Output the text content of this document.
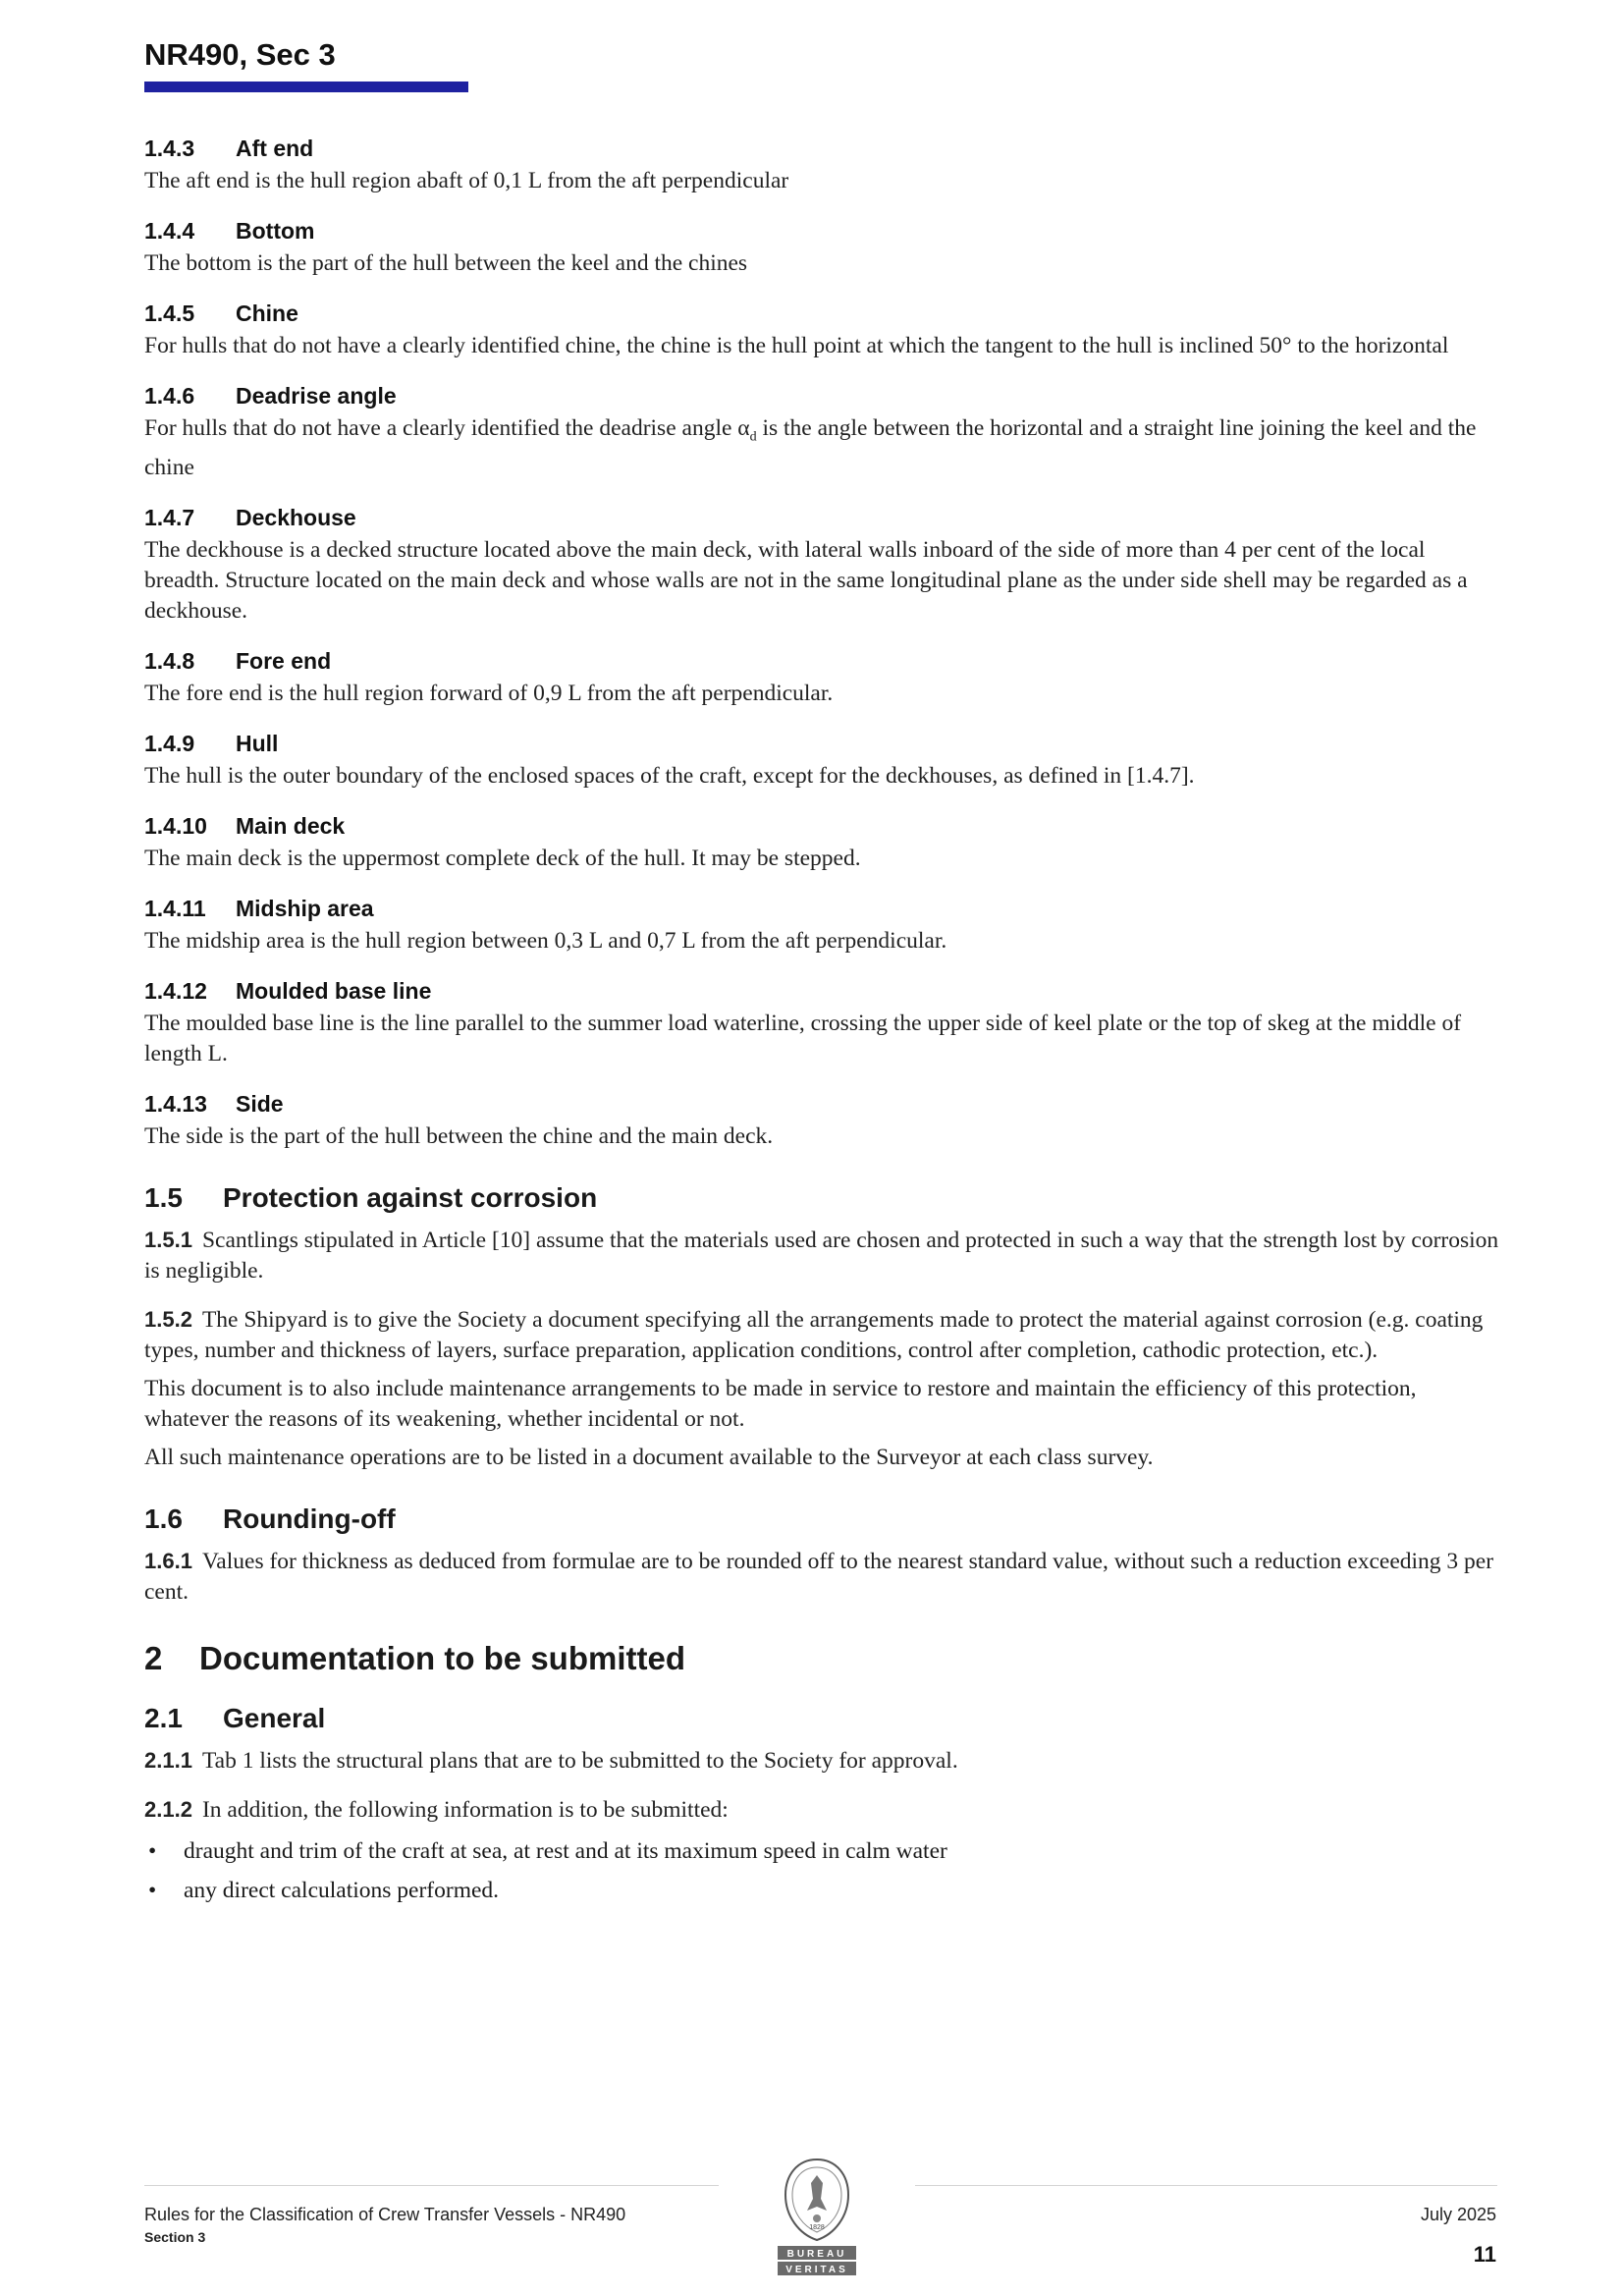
NR490, Sec 3
1.4.3 Aft end
The aft end is the hull region abaft of 0,1 L from the aft perpendicular
1.4.4 Bottom
The bottom is the part of the hull between the keel and the chines
1.4.5 Chine
For hulls that do not have a clearly identified chine, the chine is the hull point at which the tangent to the hull is inclined 50° to the horizontal
1.4.6 Deadrise angle
For hulls that do not have a clearly identified the deadrise angle $\alpha_d$ is the angle between the horizontal and a straight line joining the keel and the chine
1.4.7 Deckhouse
The deckhouse is a decked structure located above the main deck, with lateral walls inboard of the side of more than 4 per cent of the local breadth. Structure located on the main deck and whose walls are not in the same longitudinal plane as the under side shell may be regarded as a deckhouse.
1.4.8 Fore end
The fore end is the hull region forward of 0,9 L from the aft perpendicular.
1.4.9 Hull
The hull is the outer boundary of the enclosed spaces of the craft, except for the deckhouses, as defined in [1.4.7].
1.4.10 Main deck
The main deck is the uppermost complete deck of the hull. It may be stepped.
1.4.11 Midship area
The midship area is the hull region between 0,3 L and 0,7 L from the aft perpendicular.
1.4.12 Moulded base line
The moulded base line is the line parallel to the summer load waterline, crossing the upper side of keel plate or the top of skeg at the middle of length L.
1.4.13 Side
The side is the part of the hull between the chine and the main deck.
1.5 Protection against corrosion
1.5.1 Scantlings stipulated in Article [10] assume that the materials used are chosen and protected in such a way that the strength lost by corrosion is negligible.
1.5.2 The Shipyard is to give the Society a document specifying all the arrangements made to protect the material against corrosion (e.g. coating types, number and thickness of layers, surface preparation, application conditions, control after completion, cathodic protection, etc.).
This document is to also include maintenance arrangements to be made in service to restore and maintain the efficiency of this protection, whatever the reasons of its weakening, whether incidental or not.
All such maintenance operations are to be listed in a document available to the Surveyor at each class survey.
1.6 Rounding-off
1.6.1 Values for thickness as deduced from formulae are to be rounded off to the nearest standard value, without such a reduction exceeding 3 per cent.
2 Documentation to be submitted
2.1 General
2.1.1 Tab 1 lists the structural plans that are to be submitted to the Society for approval.
2.1.2 In addition, the following information is to be submitted:
• draught and trim of the craft at sea, at rest and at its maximum speed in calm water
• any direct calculations performed.
Rules for the Classification of Crew Transfer Vessels - NR490
Section 3
1828
BUREAU
VERITAS
July 2025
11
